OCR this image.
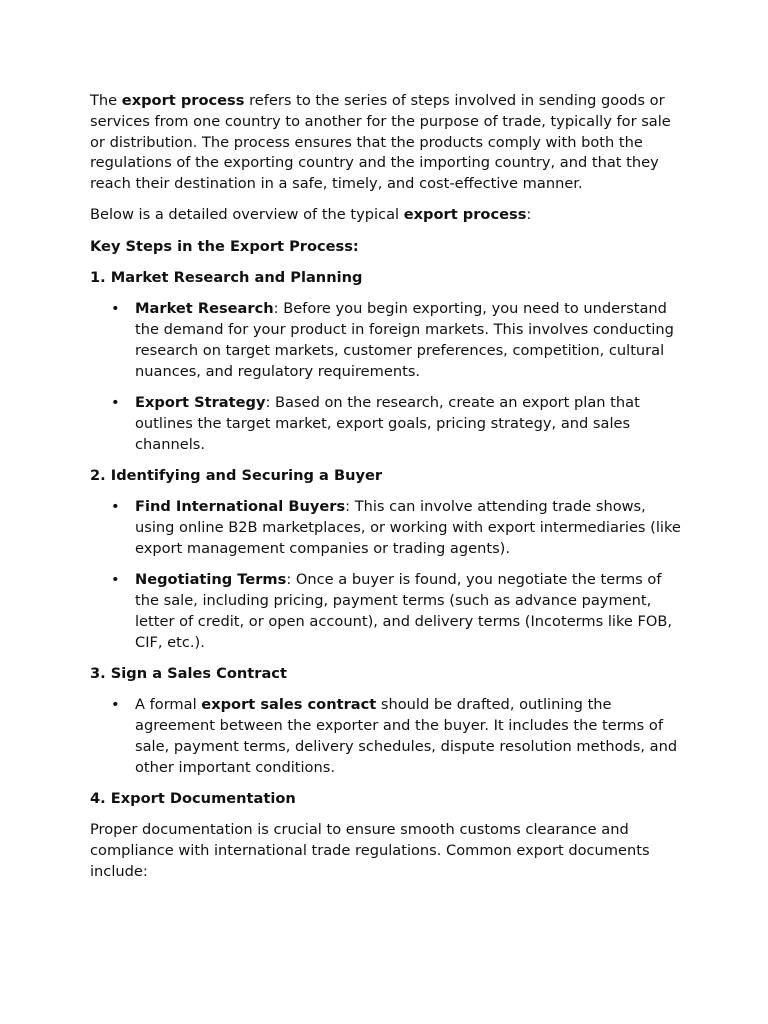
The export process refers to the series of steps involved in sending goods or services from one country to another for the purpose of trade, typically for sale or distribution. The process ensures that the products comply with both the regulations of the exporting country and the importing country, and that they reach their destination in a safe, timely, and cost-effective manner.

Below is a detailed overview of the typical export process:

Key Steps in the Export Process:
1. Market Research and Planning
• Market Research: Before you begin exporting, you need to understand the demand for your product in foreign markets. This involves conducting research on target markets, customer preferences, competition, cultural nuances, and regulatory requirements.
• Export Strategy: Based on the research, create an export plan that outlines the target market, export goals, pricing strategy, and sales channels.
2. Identifying and Securing a Buyer
• Find International Buyers: This can involve attending trade shows, using online B2B marketplaces, or working with export intermediaries (like export management companies or trading agents).
• Negotiating Terms: Once a buyer is found, you negotiate the terms of the sale, including pricing, payment terms (such as advance payment, letter of credit, or open account), and delivery terms (Incoterms like FOB, CIF, etc.).
3. Sign a Sales Contract
• A formal export sales contract should be drafted, outlining the agreement between the exporter and the buyer. It includes the terms of sale, payment terms, delivery schedules, dispute resolution methods, and other important conditions.
4. Export Documentation

Proper documentation is crucial to ensure smooth customs clearance and compliance with international trade regulations. Common export documents include:
